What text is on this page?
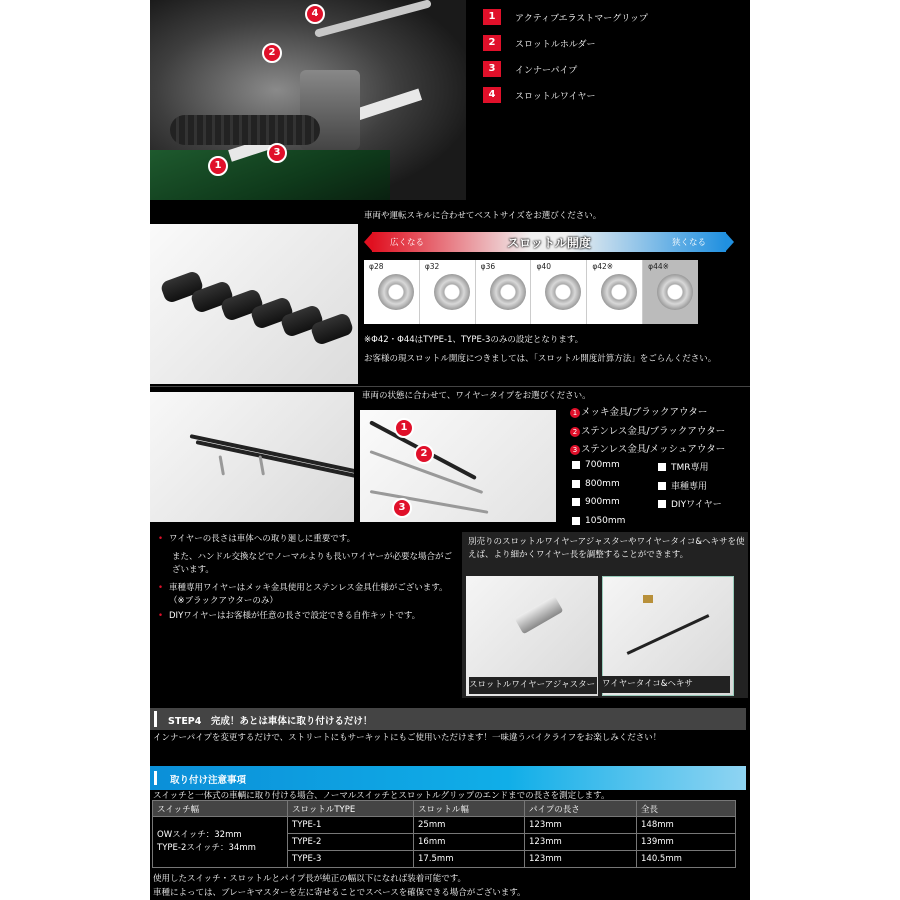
4
2
3
1
1	アクティブエラストマーグリップ
2	スロットルホルダー
3	インナーパイプ
4	スロットルワイヤー
車両や運転スキルに合わせてベストサイズをお選びください。
広くなる	スロットル開度	狭くなる
φ28	φ32	φ36	φ40	φ42※	φ44※
※Φ42・Φ44はTYPE-1、TYPE-3のみの設定となります。
お客様の現スロットル開度につきましては、「スロットル開度計算方法」をごらんください。
車両の状態に合わせて、ワイヤータイプをお選びください。
1
2
3
1 メッキ金具/ブラックアウター
2 ステンレス金具/ブラックアウター
3 ステンレス金具/メッシュアウター
700mm
800mm
900mm
1050mm
TMR専用
車種専用
DIYワイヤー
• ワイヤーの長さは車体への取り廻しに重要です。
また、ハンドル交換などでノーマルよりも長いワイヤーが必要な場合がございます。
• 車種専用ワイヤーはメッキ金具使用とステンレス金具仕様がございます。（※ブラックアウターのみ）
• DIYワイヤーはお客様が任意の長さで設定できる自作キットです。
別売りのスロットルワイヤーアジャスターやワイヤータイコ&ヘキサを使えば、より細かくワイヤー長を調整することができます。
スロットルワイヤーアジャスター ワイヤータイコ&ヘキサ
STEP4　完成！あとは車体に取り付けるだけ！
インナーパイプを変更するだけで、ストリートにもサーキットにもご使用いただけます！一味違うバイクライフをお楽しみください！
取り付け注意事項
スイッチと一体式の車輌に取り付ける場合、ノーマルスイッチとスロットルグリップのエンドまでの長さを測定します。
スイッチ幅	スロットルTYPE	スロットル幅	パイプの長さ	全長

OWスイッチ：32mm
TYPE-2スイッチ：34mm	TYPE-1	25mm	123mm	148mm
	TYPE-2	16mm	123mm	139mm
	TYPE-3	17.5mm	123mm	140.5mm
使用したスイッチ・スロットルとパイプ長が純正の幅以下になれば装着可能です。
車種によっては、ブレーキマスターを左に寄せることでスペースを確保できる場合がございます。
